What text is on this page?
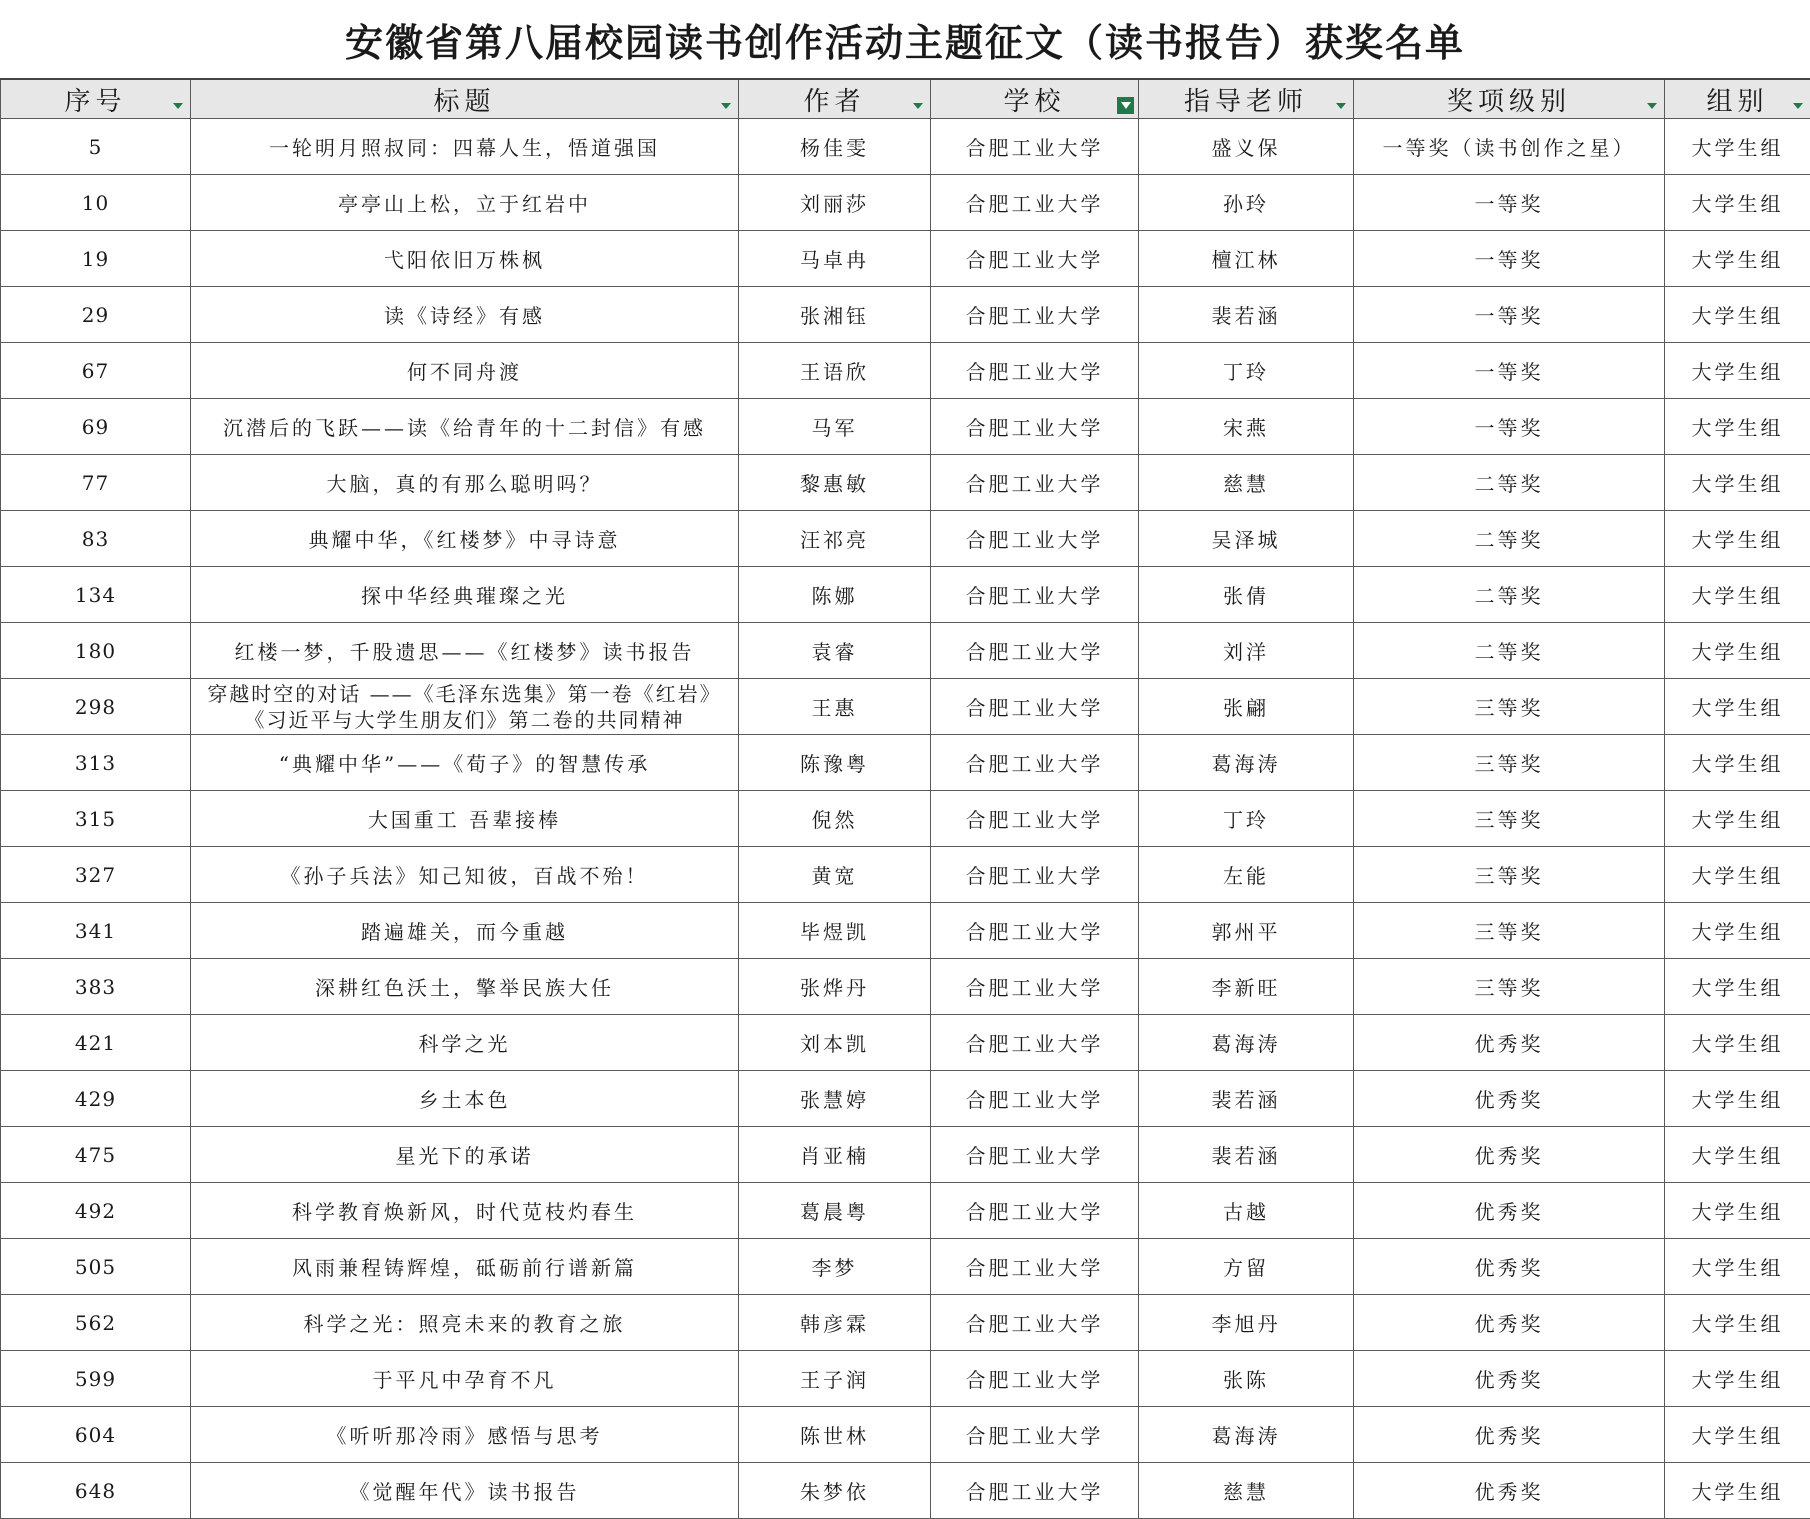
安徽省第八届校园读书创作活动主题征文（读书报告）获奖名单
序号	标题	作者	学校	指导老师	奖项级别	组别

5	一轮明月照叔同：四幕人生，悟道强国	杨佳雯	合肥工业大学	盛义保	一等奖（读书创作之星）	大学生组
10	亭亭山上松，立于红岩中	刘丽莎	合肥工业大学	孙玲	一等奖	大学生组
19	弋阳依旧万株枫	马卓冉	合肥工业大学	檀江林	一等奖	大学生组
29	读《诗经》有感	张湘钰	合肥工业大学	裴若涵	一等奖	大学生组
67	何不同舟渡	王语欣	合肥工业大学	丁玲	一等奖	大学生组
69	沉潜后的飞跃——读《给青年的十二封信》有感	马军	合肥工业大学	宋燕	一等奖	大学生组
77	大脑，真的有那么聪明吗？	黎惠敏	合肥工业大学	慈慧	二等奖	大学生组
83	典耀中华，《红楼梦》中寻诗意	汪祁亮	合肥工业大学	吴泽城	二等奖	大学生组
134	探中华经典璀璨之光	陈娜	合肥工业大学	张倩	二等奖	大学生组
180	红楼一梦，千股遗思——《红楼梦》读书报告	袁睿	合肥工业大学	刘洋	二等奖	大学生组
298	穿越时空的对话 ——《毛泽东选集》第一卷《红岩》
《习近平与大学生朋友们》第二卷的共同精神	王惠	合肥工业大学	张翩	三等奖	大学生组
313	“典耀中华”——《荀子》的智慧传承	陈豫粤	合肥工业大学	葛海涛	三等奖	大学生组
315	大国重工 吾辈接棒	倪然	合肥工业大学	丁玲	三等奖	大学生组
327	《孙子兵法》知己知彼，百战不殆！	黄宽	合肥工业大学	左能	三等奖	大学生组
341	踏遍雄关，而今重越	毕煜凯	合肥工业大学	郭州平	三等奖	大学生组
383	深耕红色沃土，擎举民族大任	张烨丹	合肥工业大学	李新旺	三等奖	大学生组
421	科学之光	刘本凯	合肥工业大学	葛海涛	优秀奖	大学生组
429	乡土本色	张慧婷	合肥工业大学	裴若涵	优秀奖	大学生组
475	星光下的承诺	肖亚楠	合肥工业大学	裴若涵	优秀奖	大学生组
492	科学教育焕新风，时代苋枝灼春生	葛晨粤	合肥工业大学	古越	优秀奖	大学生组
505	风雨兼程铸辉煌，砥砺前行谱新篇	李梦	合肥工业大学	方留	优秀奖	大学生组
562	科学之光：照亮未来的教育之旅	韩彦霖	合肥工业大学	李旭丹	优秀奖	大学生组
599	于平凡中孕育不凡	王子润	合肥工业大学	张陈	优秀奖	大学生组
604	《听听那冷雨》感悟与思考	陈世林	合肥工业大学	葛海涛	优秀奖	大学生组
648	《觉醒年代》读书报告	朱梦依	合肥工业大学	慈慧	优秀奖	大学生组
